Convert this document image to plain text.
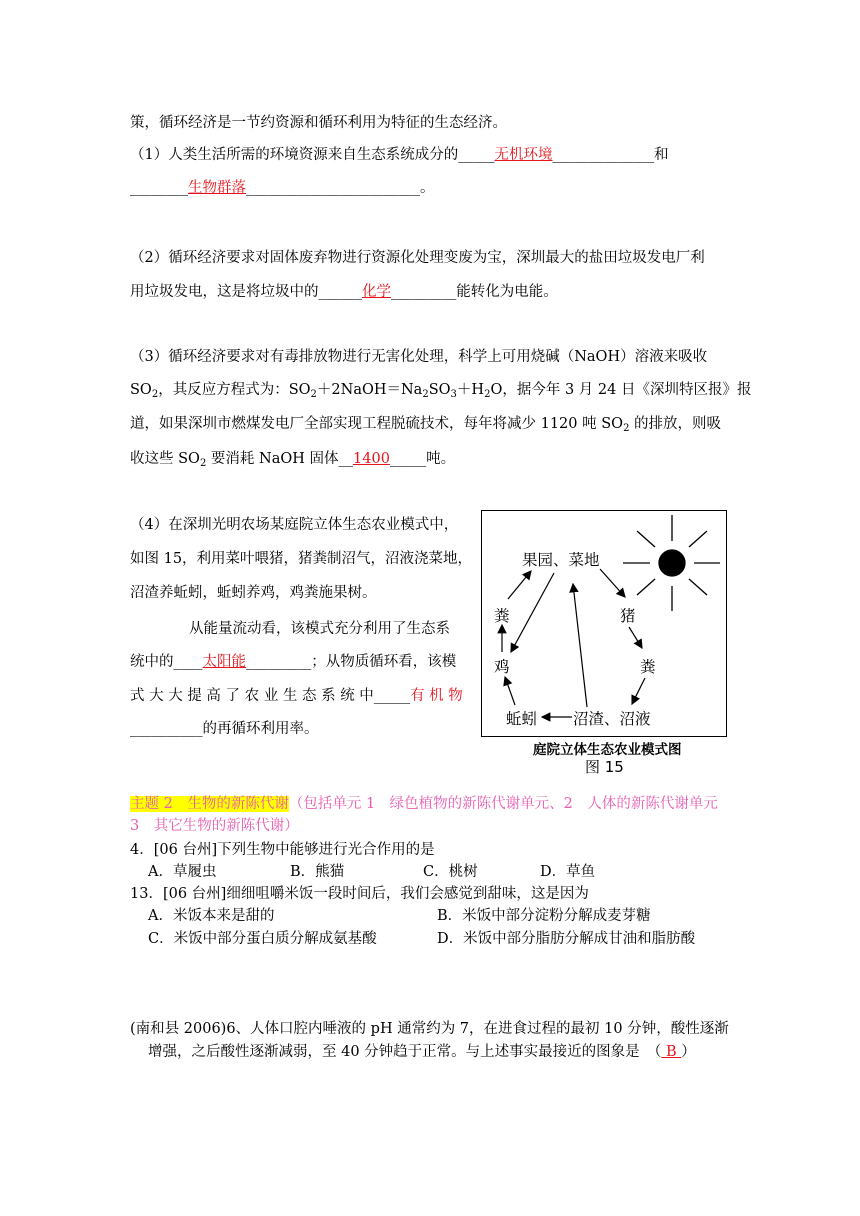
策，循环经济是一节约资源和循环利用为特征的生态经济。
（1）人类生活所需的环境资源来自生态系统成分的_____无机环境______________和
________生物群落________________________。
（2）循环经济要求对固体废弃物进行资源化处理变废为宝，深圳最大的盐田垃圾发电厂利
用垃圾发电，这是将垃圾中的______化学_________能转化为电能。
（3）循环经济要求对有毒排放物进行无害化处理，科学上可用烧碱（NaOH）溶液来吸收
$SO_2$，其反应方程式为：$SO_2+2NaOH=Na_2SO_3+H_2O$，据今年 3 月 24 日《深圳特区报》报
道，如果深圳市燃煤发电厂全部实现工程脱硫技术，每年将减少 1120 吨 $SO_2$ 的排放，则吸
收这些 $SO_2$ 要消耗 NaOH 固体__1400_____吨。
（4）在深圳光明农场某庭院立体生态农业模式中，
如图 15，利用菜叶喂猪，猪粪制沼气，沼液浇菜地，
沼渣养蚯蚓，蚯蚓养鸡，鸡粪施果树。
从能量流动看，该模式充分利用了生态系
统中的____太阳能_________；从物质循环看，该模
式 大 大 提 高 了 农 业 生 态 系 统 中_____有 机 物
__________的再循环利用率。
果园、菜地
猪
粪
鸡	粪
蚯蚓 沼渣、沼液
庭院立体生态农业模式图
图 15
主题 2　生物的新陈代谢（包括单元 1　绿色植物的新陈代谢单元、2　人体的新陈代谢单元
3　其它生物的新陈代谢）
4．[06 台州]下列生物中能够进行光合作用的是
A．草履虫	B．熊猫	C．桃树	D．草鱼
13．[06 台州]细细咀嚼米饭一段时间后，我们会感觉到甜味，这是因为
A．米饭本来是甜的	B．米饭中部分淀粉分解成麦芽糖
C．米饭中部分蛋白质分解成氨基酸	D．米饭中部分脂肪分解成甘油和脂肪酸
(南和县 2006)6、人体口腔内唾液的 pH 通常约为 7，在进食过程的最初 10 分钟，酸性逐渐
增强，之后酸性逐渐减弱，至 40 分钟趋于正常。与上述事实最接近的图象是　（ B ）
